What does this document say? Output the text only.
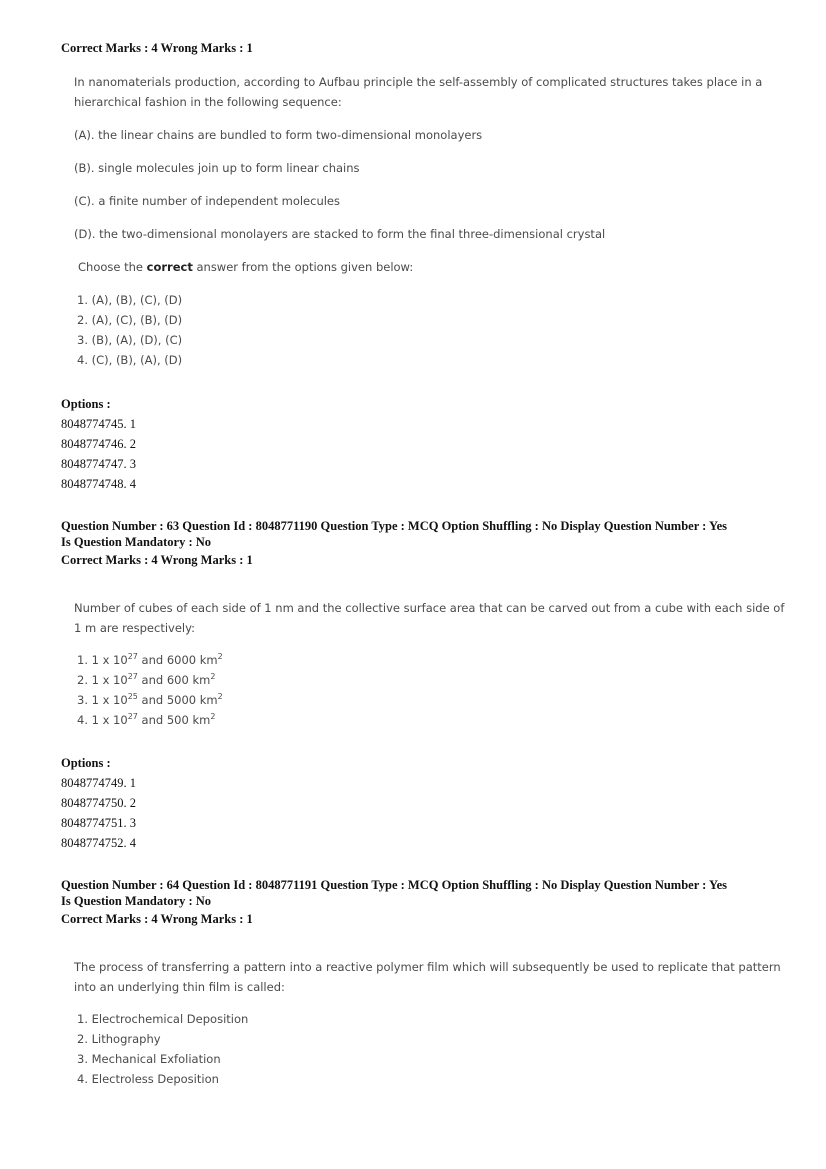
Correct Marks : 4 Wrong Marks : 1
In nanomaterials production, according to Aufbau principle the self-assembly of complicated structures takes place in a hierarchical fashion in the following sequence:
(A). the linear chains are bundled to form two-dimensional monolayers
(B). single molecules join up to form linear chains
(C). a finite number of independent molecules
(D). the two-dimensional monolayers are stacked to form the final three-dimensional crystal
Choose the correct answer from the options given below:
1. (A), (B), (C), (D)
2. (A), (C), (B), (D)
3. (B), (A), (D), (C)
4. (C), (B), (A), (D)
Options :
8048774745. 1
8048774746. 2
8048774747. 3
8048774748. 4
Question Number : 63 Question Id : 8048771190 Question Type : MCQ Option Shuffling : No Display Question Number : Yes
Is Question Mandatory : No
Correct Marks : 4 Wrong Marks : 1
Number of cubes of each side of 1 nm and the collective surface area that can be carved out from a cube with each side of 1 m are respectively:
1. 1 x $10^{27}$ and 6000 $km^2$
2. 1 x $10^{27}$ and 600 $km^2$
3. 1 x $10^{25}$ and 5000 $km^2$
4. 1 x $10^{27}$ and 500 $km^2$
Options :
8048774749. 1
8048774750. 2
8048774751. 3
8048774752. 4
Question Number : 64 Question Id : 8048771191 Question Type : MCQ Option Shuffling : No Display Question Number : Yes
Is Question Mandatory : No
Correct Marks : 4 Wrong Marks : 1
The process of transferring a pattern into a reactive polymer film which will subsequently be used to replicate that pattern into an underlying thin film is called:
1. Electrochemical Deposition
2. Lithography
3. Mechanical Exfoliation
4. Electroless Deposition
